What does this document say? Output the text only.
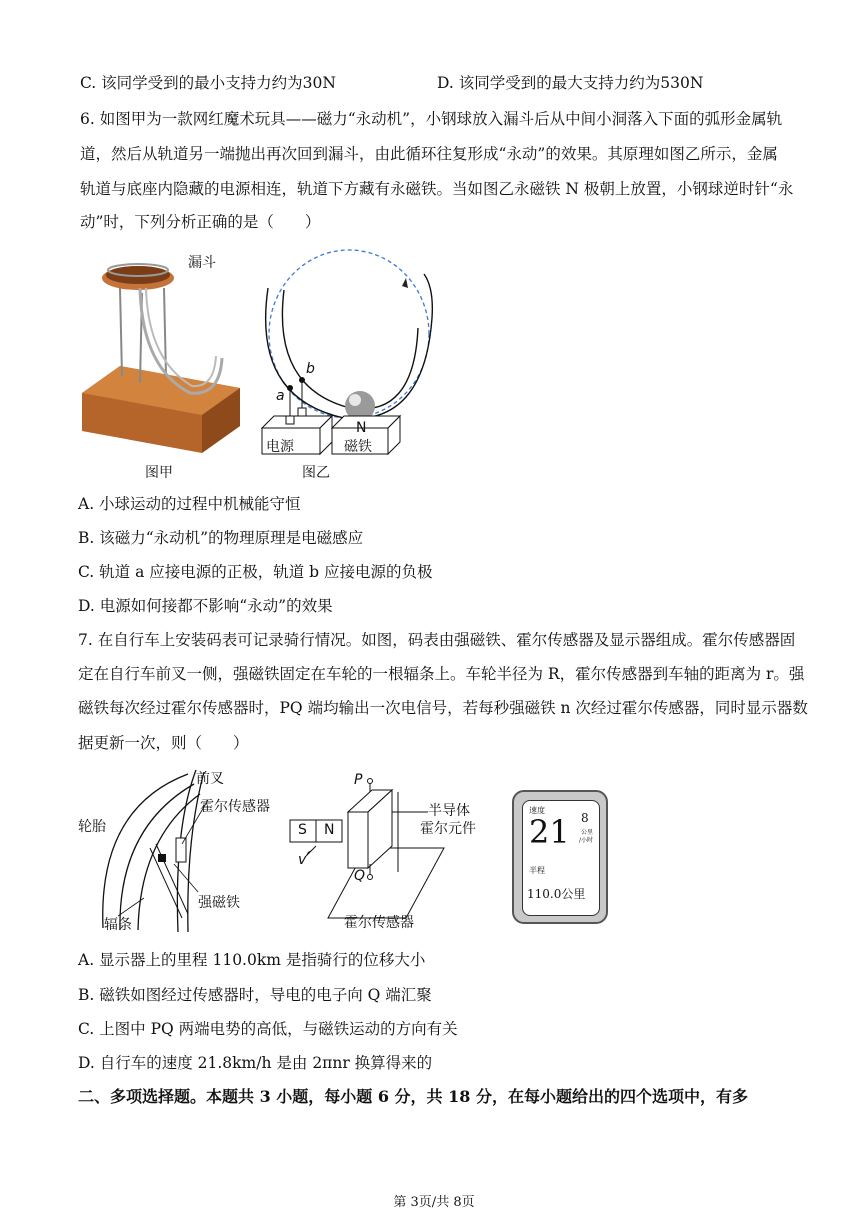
C. 该同学受到的最小支持力约为30N	D. 该同学受到的最大支持力约为530N
6. 如图甲为一款网红魔术玩具——磁力“永动机”，小钢球放入漏斗后从中间小洞落入下面的弧形金属轨
道，然后从轨道另一端抛出再次回到漏斗，由此循环往复形成“永动”的效果。其原理如图乙所示，金属
轨道与底座内隐藏的电源相连，轨道下方藏有永磁铁。当如图乙永磁铁 N 极朝上放置，小钢球逆时针“永
动”时，下列分析正确的是（　　）
漏斗
图甲
a
b
电源
N
磁铁
图乙
A. 小球运动的过程中机械能守恒
B. 该磁力“永动机”的物理原理是电磁感应
C. 轨道 a 应接电源的正极，轨道 b 应接电源的负极
D. 电源如何接都不影响“永动”的效果
7. 在自行车上安装码表可记录骑行情况。如图，码表由强磁铁、霍尔传感器及显示器组成。霍尔传感器固
定在自行车前叉一侧，强磁铁固定在车轮的一根辐条上。车轮半径为 R，霍尔传感器到车轴的距离为 r。强
磁铁每次经过霍尔传感器时，PQ 端均输出一次电信号，若每秒强磁铁 n 次经过霍尔传感器，同时显示器数
据更新一次，则（　　）
前叉
霍尔传感器
轮胎
强磁铁
辐条
S N
v
P
Q
半导体
霍尔元件
霍尔传感器
速度
21 8
公里
/小时
半程
110.0公里
A. 显示器上的里程 110.0km 是指骑行的位移大小
B. 磁铁如图经过传感器时，导电的电子向 Q 端汇聚
C. 上图中 PQ 两端电势的高低，与磁铁运动的方向有关
D. 自行车的速度 21.8km/h 是由 2πnr 换算得来的
二、多项选择题。本题共 3 小题，每小题 6 分，共 18 分，在每小题给出的四个选项中，有多
第 3页/共 8页
